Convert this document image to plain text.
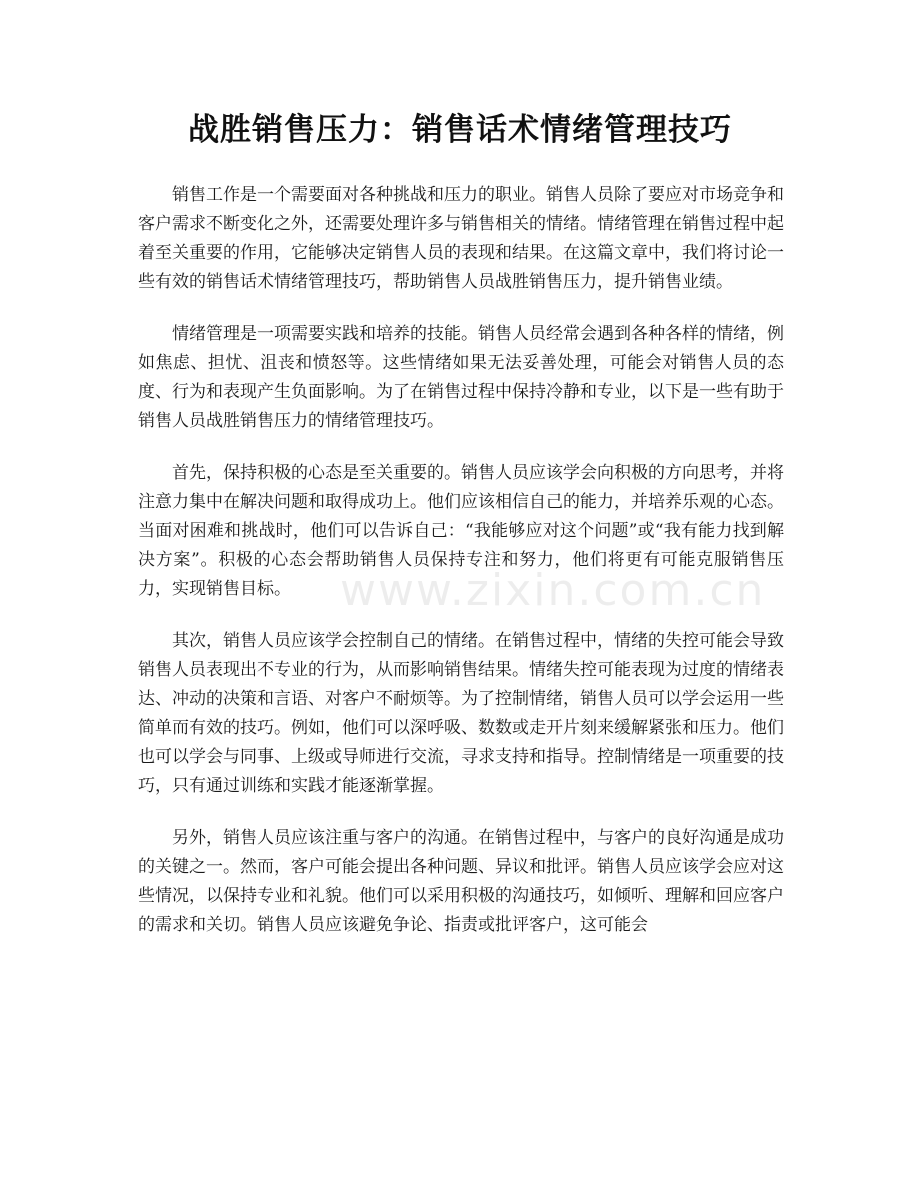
战胜销售压力：销售话术情绪管理技巧

销售工作是一个需要面对各种挑战和压力的职业。销售人员除了要应对市场竞争和客户需求不断变化之外，还需要处理许多与销售相关的情绪。情绪管理在销售过程中起着至关重要的作用，它能够决定销售人员的表现和结果。在这篇文章中，我们将讨论一些有效的销售话术情绪管理技巧，帮助销售人员战胜销售压力，提升销售业绩。

情绪管理是一项需要实践和培养的技能。销售人员经常会遇到各种各样的情绪，例如焦虑、担忧、沮丧和愤怒等。这些情绪如果无法妥善处理，可能会对销售人员的态度、行为和表现产生负面影响。为了在销售过程中保持冷静和专业，以下是一些有助于销售人员战胜销售压力的情绪管理技巧。

首先，保持积极的心态是至关重要的。销售人员应该学会向积极的方向思考，并将注意力集中在解决问题和取得成功上。他们应该相信自己的能力，并培养乐观的心态。当面对困难和挑战时，他们可以告诉自己：“我能够应对这个问题”或“我有能力找到解决方案”。积极的心态会帮助销售人员保持专注和努力，他们将更有可能克服销售压力，实现销售目标。

其次，销售人员应该学会控制自己的情绪。在销售过程中，情绪的失控可能会导致销售人员表现出不专业的行为，从而影响销售结果。情绪失控可能表现为过度的情绪表达、冲动的决策和言语、对客户不耐烦等。为了控制情绪，销售人员可以学会运用一些简单而有效的技巧。例如，他们可以深呼吸、数数或走开片刻来缓解紧张和压力。他们也可以学会与同事、上级或导师进行交流，寻求支持和指导。控制情绪是一项重要的技巧，只有通过训练和实践才能逐渐掌握。

另外，销售人员应该注重与客户的沟通。在销售过程中，与客户的良好沟通是成功的关键之一。然而，客户可能会提出各种问题、异议和批评。销售人员应该学会应对这些情况，以保持专业和礼貌。他们可以采用积极的沟通技巧，如倾听、理解和回应客户的需求和关切。销售人员应该避免争论、指责或批评客户，这可能会

www.zixin.com.cn
